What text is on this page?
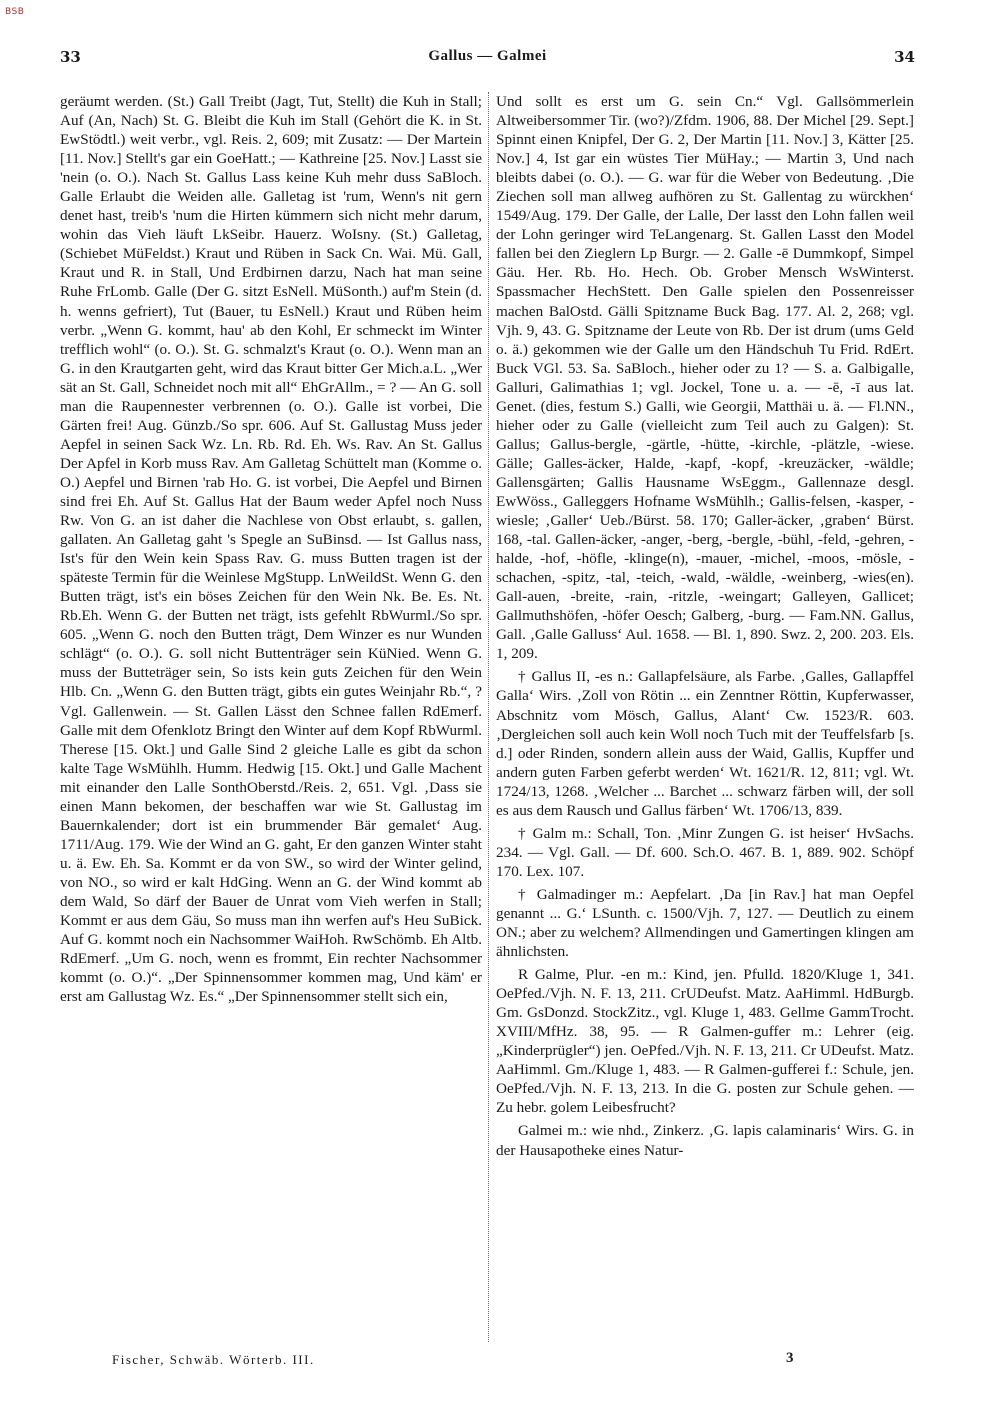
BSB
Gallus — Galmei
33	34

geräumt werden. (St.) Gall Treibt (Jagt, Tut, Stellt) die Kuh in Stall; Auf (An, Nach) St. G. Bleibt die Kuh im Stall (Gehört die K. in St. EwStödtl.) weit verbr., vgl. Reis. 2, 609; mit Zusatz: — Der Martein [11. Nov.] Stellt's gar ein GoeHatt.; — Kathreine [25. Nov.] Lasst sie 'nein (o. O.). Nach St. Gallus Lass keine Kuh mehr duss SaBloch. Galle Erlaubt die Weiden alle. Galletag ist 'rum, Wenn's nit gern denet hast, treib's 'num die Hirten kümmern sich nicht mehr darum, wohin das Vieh läuft LkSeibr. Hauerz. WoIsny. (St.) Galletag, (Schiebet MüFeldst.) Kraut und Rüben in Sack Cn. Wai. Mü. Gall, Kraut und R. in Stall, Und Erdbirnen darzu, Nach hat man seine Ruhe FrLomb. Galle (Der G. sitzt EsNell. MüSonth.) auf'm Stein (d. h. wenns gefriert), Tut (Bauer, tu EsNell.) Kraut und Rüben heim verbr. „Wenn G. kommt, hau' ab den Kohl, Er schmeckt im Winter trefflich wohl“ (o. O.). St. G. schmalzt's Kraut (o. O.). Wenn man an G. in den Krautgarten geht, wird das Kraut bitter Ger Mich.a.L. „Wer sät an St. Gall, Schneidet noch mit all“ EhGrAllm., = ? — An G. soll man die Raupennester verbrennen (o. O.). Galle ist vorbei, Die Gärten frei! Aug. Günzb./So spr. 606. Auf St. Gallustag Muss jeder Aepfel in seinen Sack Wz. Ln. Rb. Rd. Eh. Ws. Rav. An St. Gallus Der Apfel in Korb muss Rav. Am Galletag Schüttelt man (Komme o. O.) Aepfel und Birnen 'rab Ho. G. ist vorbei, Die Aepfel und Birnen sind frei Eh. Auf St. Gallus Hat der Baum weder Apfel noch Nuss Rw. Von G. an ist daher die Nachlese von Obst erlaubt, s. gallen, gallaten. An Galletag gaht 's Spegle an SuBinsd. — Ist Gallus nass, Ist's für den Wein kein Spass Rav. G. muss Butten tragen ist der späteste Termin für die Weinlese MgStupp. LnWeildSt. Wenn G. den Butten trägt, ist's ein böses Zeichen für den Wein Nk. Be. Es. Nt. Rb.Eh. Wenn G. der Butten net trägt, ists gefehlt RbWurml./So spr. 605. „Wenn G. noch den Butten trägt, Dem Winzer es nur Wunden schlägt“ (o. O.). G. soll nicht Buttenträger sein KüNied. Wenn G. muss der Butteträger sein, So ists kein guts Zeichen für den Wein Hlb. Cn. „Wenn G. den Butten trägt, gibts ein gutes Weinjahr Rb.“, ? Vgl. Gallenwein. — St. Gallen Lässt den Schnee fallen RdEmerf. Galle mit dem Ofenklotz Bringt den Winter auf dem Kopf RbWurml. Therese [15. Okt.] und Galle Sind 2 gleiche Lalle es gibt da schon kalte Tage WsMühlh. Humm. Hedwig [15. Okt.] und Galle Machent mit einander den Lalle SonthOberstd./Reis. 2, 651. Vgl. ‚Dass sie einen Mann bekomen, der beschaffen war wie St. Gallustag im Bauernkalender; dort ist ein brummender Bär gemalet‘ Aug. 1711/Aug. 179. Wie der Wind an G. gaht, Er den ganzen Winter staht u. ä. Ew. Eh. Sa. Kommt er da von SW., so wird der Winter gelind, von NO., so wird er kalt HdGing. Wenn an G. der Wind kommt ab dem Wald, So därf der Bauer de Unrat vom Vieh werfen in Stall; Kommt er aus dem Gäu, So muss man ihn werfen auf's Heu SuBick. Auf G. kommt noch ein Nachsommer WaiHoh. RwSchömb. Eh Altb. RdEmerf. „Um G. noch, wenn es frommt, Ein rechter Nachsommer kommt (o. O.)“. „Der Spinnensommer kommen mag, Und käm' er erst am Gallustag Wz. Es.“ „Der Spinnensommer stellt sich ein,

Und sollt es erst um G. sein Cn.“ Vgl. Gallsömmerlein Altweibersommer Tir. (wo?)/Zfdm. 1906, 88. Der Michel [29. Sept.] Spinnt einen Knipfel, Der G. 2, Der Martin [11. Nov.] 3, Kätter [25. Nov.] 4, Ist gar ein wüstes Tier MüHay.; — Martin 3, Und nach bleibts dabei (o. O.). — G. war für die Weber von Bedeutung. ‚Die Ziechen soll man allweg aufhören zu St. Gallentag zu würckhen‘ 1549/Aug. 179. Der Galle, der Lalle, Der lasst den Lohn fallen weil der Lohn geringer wird TeLangenarg. St. Gallen Lasst den Model fallen bei den Zieglern Lp Burgr. — 2. Galle -ē Dummkopf, Simpel Gäu. Her. Rb. Ho. Hech. Ob. Grober Mensch WsWinterst. Spassmacher HechStett. Den Galle spielen den Possenreisser machen BalOstd. Gälli Spitzname Buck Bag. 177. Al. 2, 268; vgl. Vjh. 9, 43. G. Spitzname der Leute von Rb. Der ist drum (ums Geld o. ä.) gekommen wie der Galle um den Händschuh Tu Frid. RdErt. Buck VGl. 53. Sa. SaBloch., hieher oder zu 1? — S. a. Galbigalle, Galluri, Galimathias 1; vgl. Jockel, Tone u. a. — -ē, -ī aus lat. Genet. (dies, festum S.) Galli, wie Georgii, Matthäi u. ä. — Fl.NN., hieher oder zu Galle (vielleicht zum Teil auch zu Galgen): St. Gallus; Gallus-bergle, -gärtle, -hütte, -kirchle, -plätzle, -wiese. Gälle; Galles-äcker, Halde, -kapf, -kopf, -kreuzäcker, -wäldle; Gallensgärten; Gallis Hausname WsEggm., Gallennaze desgl. EwWöss., Galleggers Hofname WsMühlh.; Gallis-felsen, -kasper, -wiesle; ‚Galler‘ Ueb./Bürst. 58. 170; Galler-äcker, ‚graben‘ Bürst. 168, -tal. Gallen-äcker, -anger, -berg, -bergle, -bühl, -feld, -gehren, -halde, -hof, -höfle, -klinge(n), -mauer, -michel, -moos, -mösle, -schachen, -spitz, -tal, -teich, -wald, -wäldle, -weinberg, -wies(en). Gall-auen, -breite, -rain, -ritzle, -weingart; Galleyen, Gallicet; Gallmuthshöfen, -höfer Oesch; Galberg, -burg. — Fam.NN. Gallus, Gall. ‚Galle Galluss‘ Aul. 1658. — Bl. 1, 890. Swz. 2, 200. 203. Els. 1, 209.

† Gallus II, -es n.: Gallapfelsäure, als Farbe. ‚Galles, Gallapffel Galla‘ Wirs. ‚Zoll von Rötin ... ein Zenntner Röttin, Kupferwasser, Abschnitz vom Mösch, Gallus, Alant‘ Cw. 1523/R. 603. ‚Dergleichen soll auch kein Woll noch Tuch mit der Teuffelsfarb [s. d.] oder Rinden, sondern allein auss der Waid, Gallis, Kupffer und andern guten Farben geferbt werden‘ Wt. 1621/R. 12, 811; vgl. Wt. 1724/13, 1268. ‚Welcher ... Barchet ... schwarz färben will, der soll es aus dem Rausch und Gallus färben‘ Wt. 1706/13, 839.

† Galm m.: Schall, Ton. ‚Minr Zungen G. ist heiser‘ HvSachs. 234. — Vgl. Gall. — Df. 600. Sch.O. 467. B. 1, 889. 902. Schöpf 170. Lex. 107.

† Galmadinger m.: Aepfelart. ‚Da [in Rav.] hat man Oepfel genannt ... G.‘ LSunth. c. 1500/Vjh. 7, 127. — Deutlich zu einem ON.; aber zu welchem? Allmendingen und Gamertingen klingen am ähnlichsten.

R Galme, Plur. -en m.: Kind, jen. Pfulld. 1820/Kluge 1, 341. OePfed./Vjh. N. F. 13, 211. CrUDeufst. Matz. AaHimml. HdBurgb. Gm. GsDonzd. StockZitz., vgl. Kluge 1, 483. Gellme GammTrocht. XVIII/MfHz. 38, 95. — R Galmen-guffer m.: Lehrer (eig. „Kinderprügler“) jen. OePfed./Vjh. N. F. 13, 211. Cr UDeufst. Matz. AaHimml. Gm./Kluge 1, 483. — R Galmen-gufferei f.: Schule, jen. OePfed./Vjh. N. F. 13, 213. In die G. posten zur Schule gehen. — Zu hebr. golem Leibesfrucht?

Galmei m.: wie nhd., Zinkerz. ‚G. lapis calaminaris‘ Wirs. G. in der Hausapotheke eines Natur-

Fischer, Schwäb. Wörterb. III.	3
